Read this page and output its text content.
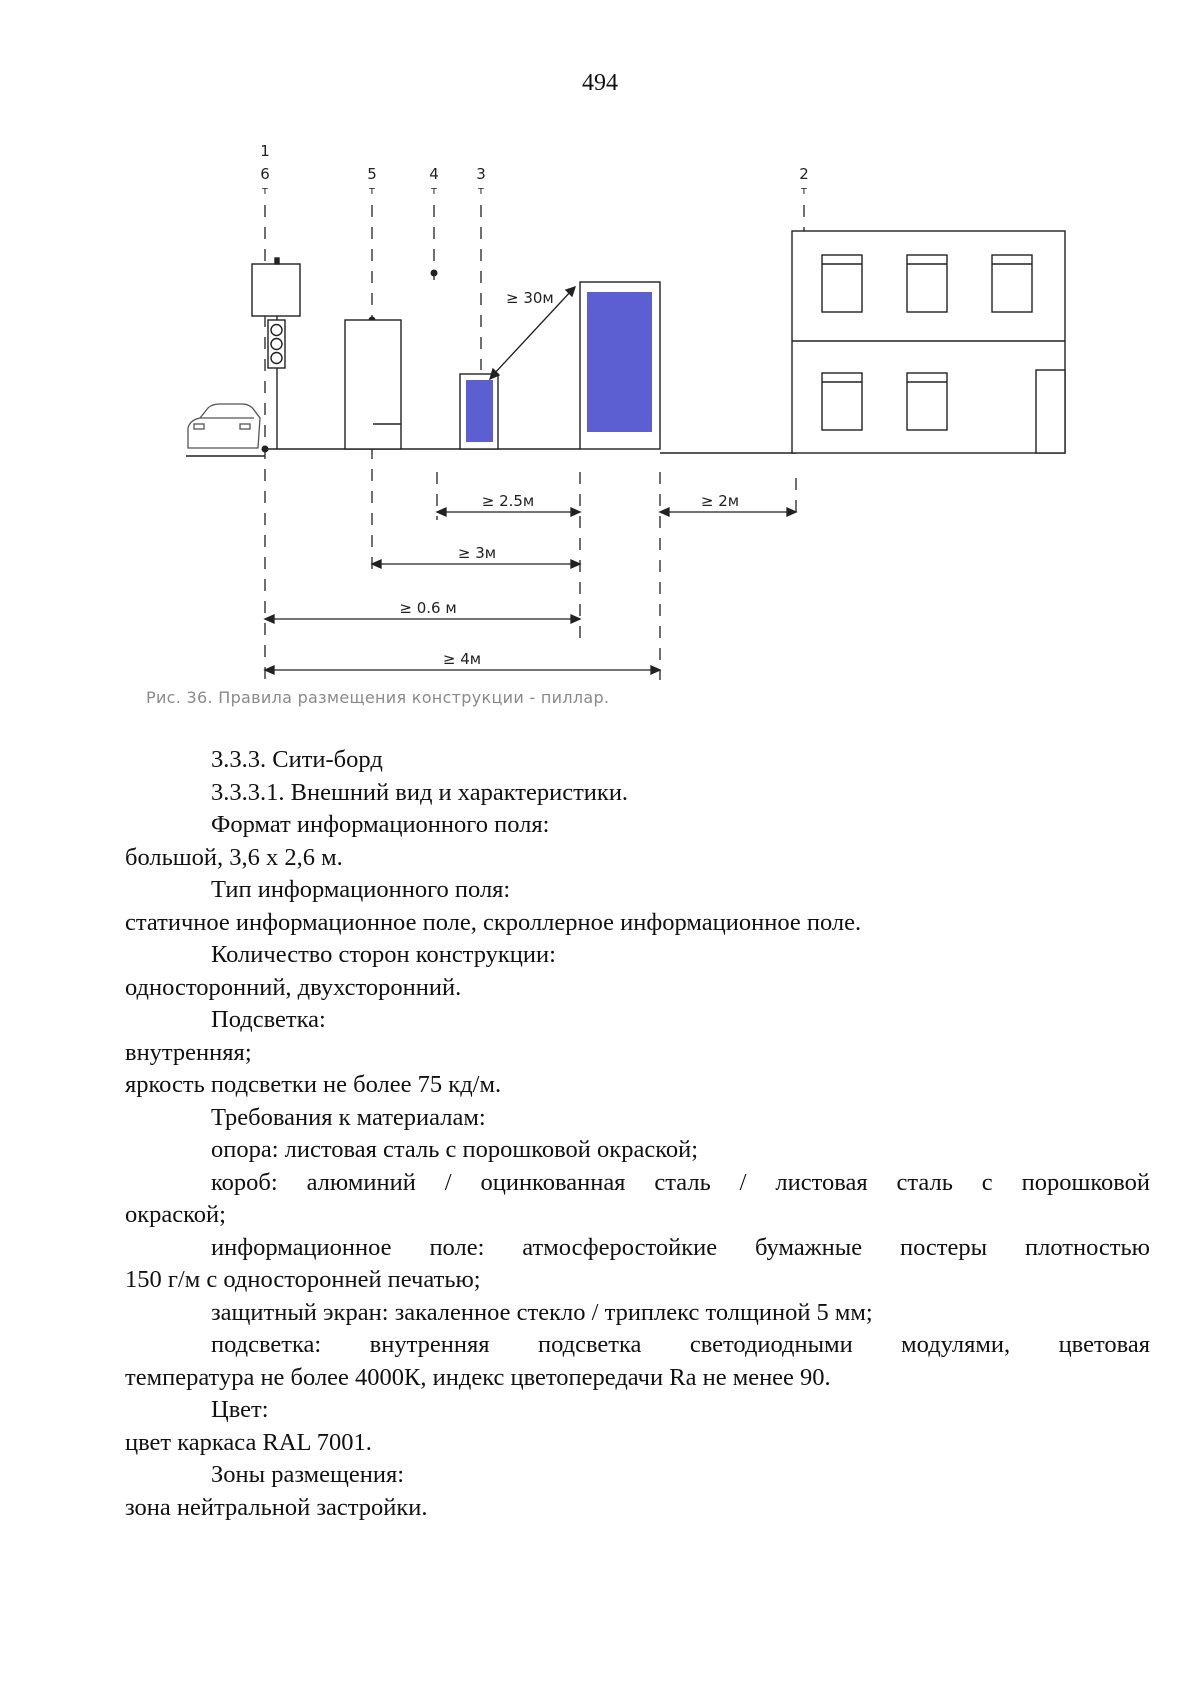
494
1
6	5	4 3	2
т	т	т	т	т
≥ 30м
≥ 2.5м	≥ 2м
≥ 3м
≥ 0.6 м
≥ 4м
Рис. 36. Правила размещения конструкции - пиллар.
3.3.3. Сити-борд
3.3.3.1. Внешний вид и характеристики.
Формат информационного поля:
большой, 3,6 х 2,6 м.
Тип информационного поля:
статичное информационное поле, скроллерное информационное поле.
Количество сторон конструкции:
односторонний, двухсторонний.
Подсветка:
внутренняя;
яркость подсветки не более 75 кд/м.
Требования к материалам:
опора: листовая сталь с порошковой окраской;
короб: алюминий / оцинкованная сталь / листовая сталь с порошковой
окраской;
информационное поле: атмосферостойкие бумажные постеры плотностью
150 г/м с односторонней печатью;
защитный экран: закаленное стекло / триплекс толщиной 5 мм;
подсветка: внутренняя подсветка светодиодными модулями, цветовая
температура не более 4000К, индекс цветопередачи Ra не менее 90.
Цвет:
цвет каркаса RAL 7001.
Зоны размещения:
зона нейтральной застройки.
